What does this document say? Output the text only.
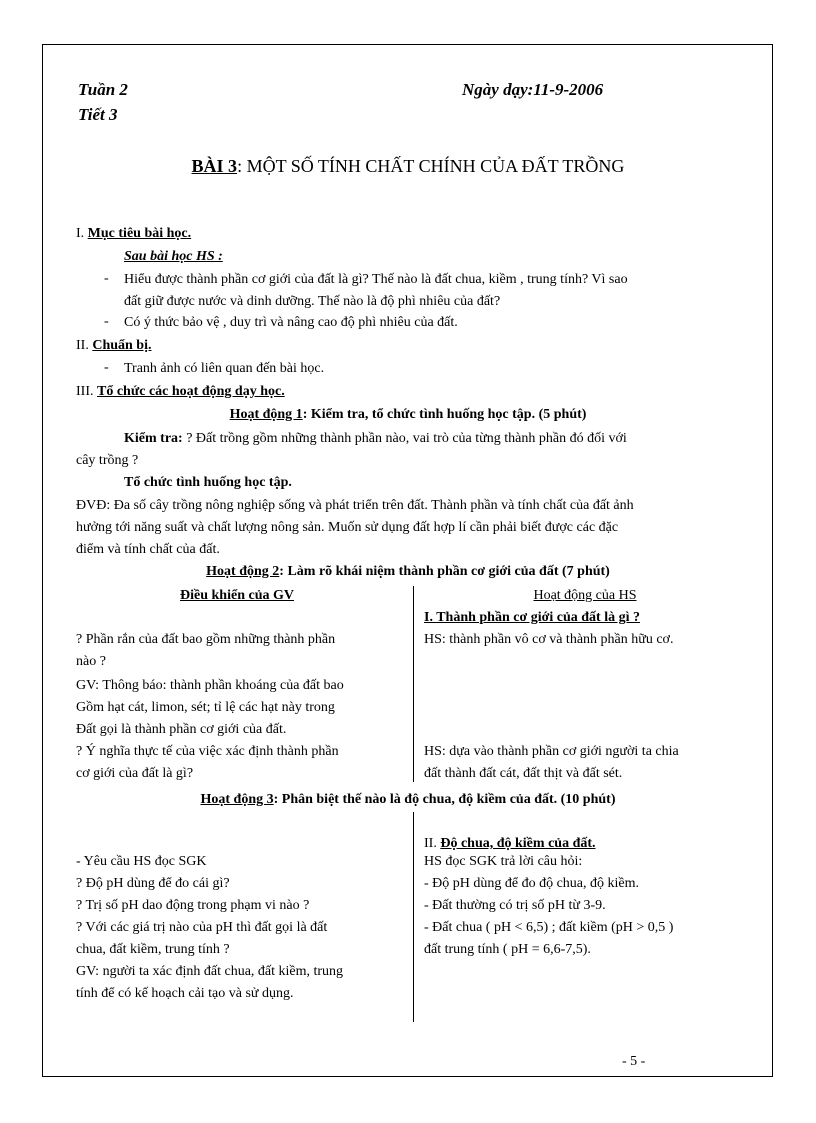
Tuần 2
Tiết 3
Ngày dạy:11-9-2006
BÀI 3: MỘT SỐ TÍNH CHẤT CHÍNH CỦA ĐẤT TRỒNG
I. Mục tiêu bài học.
Sau bài học HS :
- Hiểu được thành phần cơ giới của đất là gì? Thế nào là đất chua, kiềm , trung tính? Vì sao
đất giữ được nước và dinh dưỡng. Thế nào là độ phì nhiêu của đất?
- Có ý thức bảo vệ , duy trì và nâng cao độ phì nhiêu của đất.
II. Chuẩn bị.
- Tranh ảnh có liên quan đến bài học.
III. Tổ chức các hoạt động dạy học.
Hoạt động 1: Kiểm tra, tổ chức tình huống học tập. (5 phút)
Kiểm tra: ? Đất trồng gồm những thành phần nào, vai trò của từng thành phần đó đối với
cây trồng ?
Tổ chức tình huống học tập.
ĐVĐ: Đa số cây trồng nông nghiệp sống và phát triển trên đất. Thành phần và tính chất của đất ảnh
hưởng tới năng suất và chất lượng nông sản. Muốn sử dụng đất hợp lí cần phải biết được các đặc
điểm và tính chất của đất.
Hoạt động 2: Làm rõ khái niệm thành phần cơ giới của đất (7 phút)
Điều khiển của GV	Hoạt động của HS
I. Thành phần cơ giới của đất là gì ?
? Phần rắn của đất bao gồm những thành phần
nào ?
GV: Thông báo: thành phần khoáng của đất bao
Gồm hạt cát, limon, sét; tỉ lệ các hạt này trong
Đất gọi là thành phần cơ giới của đất.
? Ý nghĩa thực tế của việc xác định thành phần
cơ giới của đất là gì?
HS: thành phần vô cơ và thành phần hữu cơ.
HS: dựa vào thành phần cơ giới người ta chia
đất thành đất cát, đất thịt và đất sét.
Hoạt động 3: Phân biệt thế nào là độ chua, độ kiềm của đất. (10 phút)
II. Độ chua, độ kiềm của đất.
- Yêu cầu HS đọc SGK
? Độ pH dùng để đo cái gì?
? Trị số pH dao động trong phạm vi nào ?
? Với các giá trị nào của pH thì đất gọi là đất
chua, đất kiềm, trung tính ?
GV: người ta xác định đất chua, đất kiềm, trung
tính để có kế hoạch cải tạo và sử dụng.
HS đọc SGK trả lời câu hỏi:
- Độ pH dùng để đo độ chua, độ kiềm.
- Đất thường có trị số pH từ 3-9.
- Đất chua ( pH < 6,5) ; đất kiềm (pH > 0,5 )
đất trung tính ( pH = 6,6-7,5).
- 5 -
